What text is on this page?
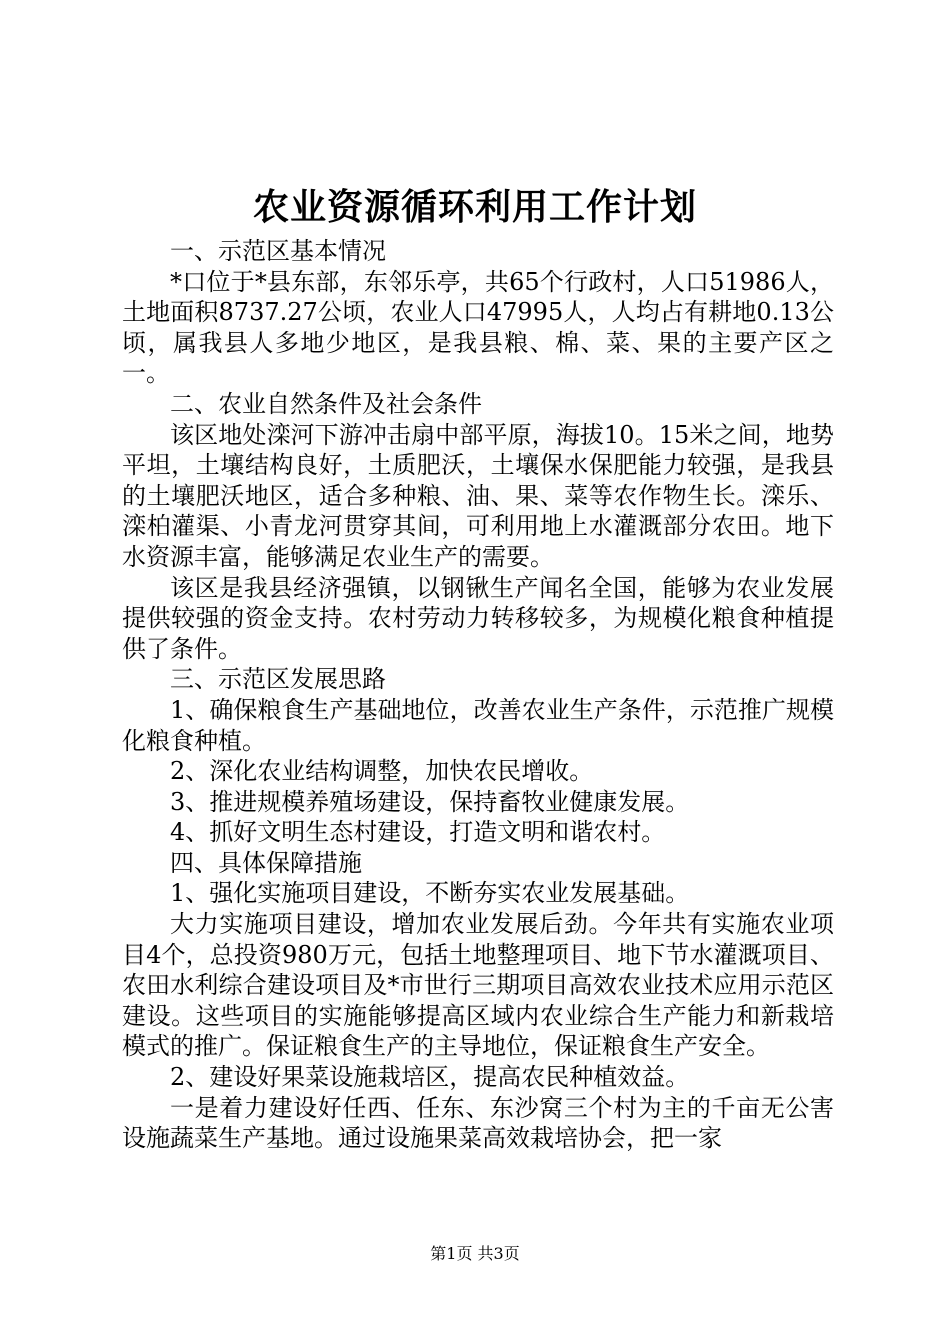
农业资源循环利用工作计划

一、示范区基本情况

*口位于*县东部，东邻乐亭，共65个行政村，人口51986人，土地面积8737.27公顷，农业人口47995人，人均占有耕地0.13公顷，属我县人多地少地区，是我县粮、棉、菜、果的主要产区之一。

二、农业自然条件及社会条件

该区地处滦河下游冲击扇中部平原，海拔10。15米之间，地势平坦，土壤结构良好，土质肥沃，土壤保水保肥能力较强，是我县的土壤肥沃地区，适合多种粮、油、果、菜等农作物生长。滦乐、滦柏灌渠、小青龙河贯穿其间，可利用地上水灌溉部分农田。地下水资源丰富，能够满足农业生产的需要。

该区是我县经济强镇，以钢锹生产闻名全国，能够为农业发展提供较强的资金支持。农村劳动力转移较多，为规模化粮食种植提供了条件。

三、示范区发展思路

1、确保粮食生产基础地位，改善农业生产条件，示范推广规模化粮食种植。

2、深化农业结构调整，加快农民增收。

3、推进规模养殖场建设，保持畜牧业健康发展。

4、抓好文明生态村建设，打造文明和谐农村。

四、具体保障措施

1、强化实施项目建设，不断夯实农业发展基础。

大力实施项目建设，增加农业发展后劲。今年共有实施农业项目4个，总投资980万元，包括土地整理项目、地下节水灌溉项目、农田水利综合建设项目及*市世行三期项目高效农业技术应用示范区建设。这些项目的实施能够提高区域内农业综合生产能力和新栽培模式的推广。保证粮食生产的主导地位，保证粮食生产安全。

2、建设好果菜设施栽培区，提高农民种植效益。

一是着力建设好任西、任东、东沙窝三个村为主的千亩无公害设施蔬菜生产基地。通过设施果菜高效栽培协会，把一家

第1页 共3页
